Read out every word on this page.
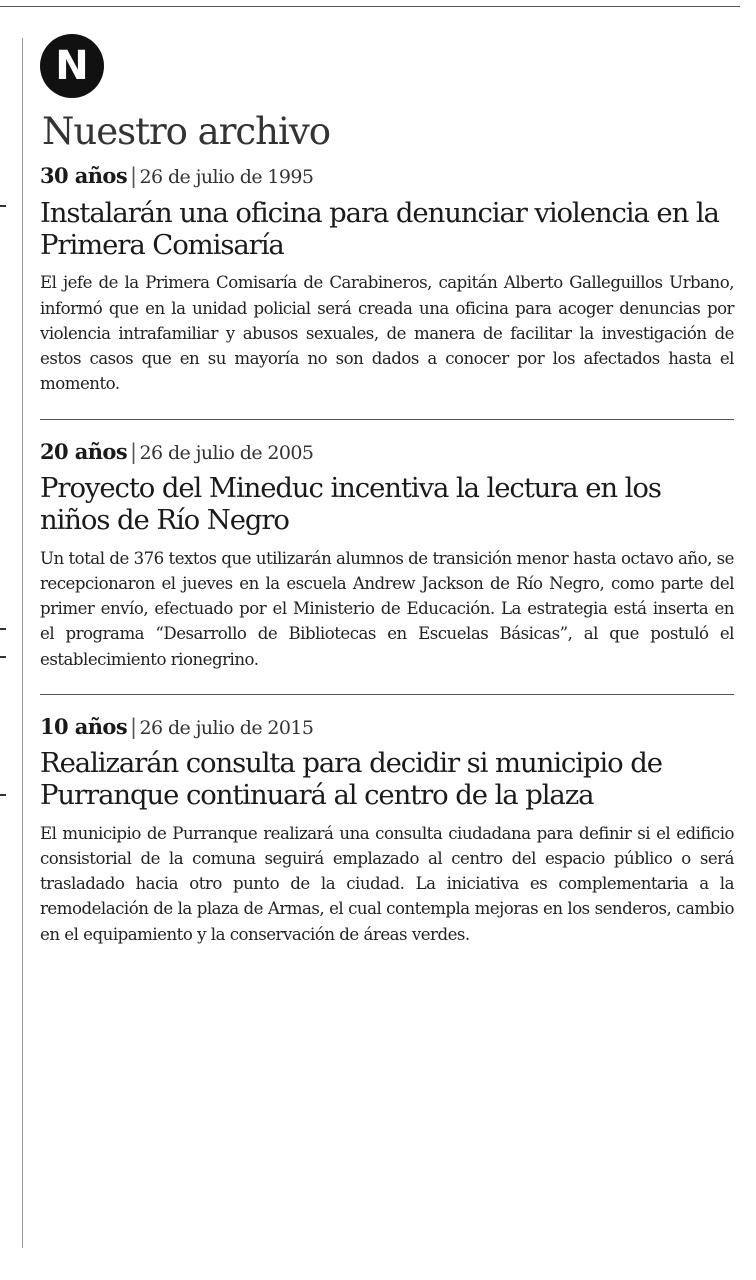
N
Nuestro archivo
30 años | 26 de julio de 1995
Instalarán una oficina para denunciar violencia en la Primera Comisaría

El jefe de la Primera Comisaría de Carabineros, capitán Alberto Galleguillos Urbano, informó que en la unidad policial será creada una oficina para acoger denuncias por violencia intrafamiliar y abusos sexuales, de manera de facilitar la investigación de estos casos que en su mayoría no son dados a conocer por los afectados hasta el momento.

20 años | 26 de julio de 2005
Proyecto del Mineduc incentiva la lectura en los niños de Río Negro

Un total de 376 textos que utilizarán alumnos de transición menor hasta octavo año, se recepcionaron el jueves en la escuela Andrew Jackson de Río Negro, como parte del primer envío, efectuado por el Ministerio de Educación. La estrategia está inserta en el programa “Desarrollo de Bibliotecas en Escuelas Básicas”, al que postuló el establecimiento rionegrino.

10 años | 26 de julio de 2015
Realizarán consulta para decidir si municipio de Purranque continuará al centro de la plaza

El municipio de Purranque realizará una consulta ciudadana para definir si el edificio consistorial de la comuna seguirá emplazado al centro del espacio público o será trasladado hacia otro punto de la ciudad. La iniciativa es complementaria a la remodelación de la plaza de Armas, el cual contempla mejoras en los senderos, cambio en el equipamiento y la conservación de áreas verdes.
